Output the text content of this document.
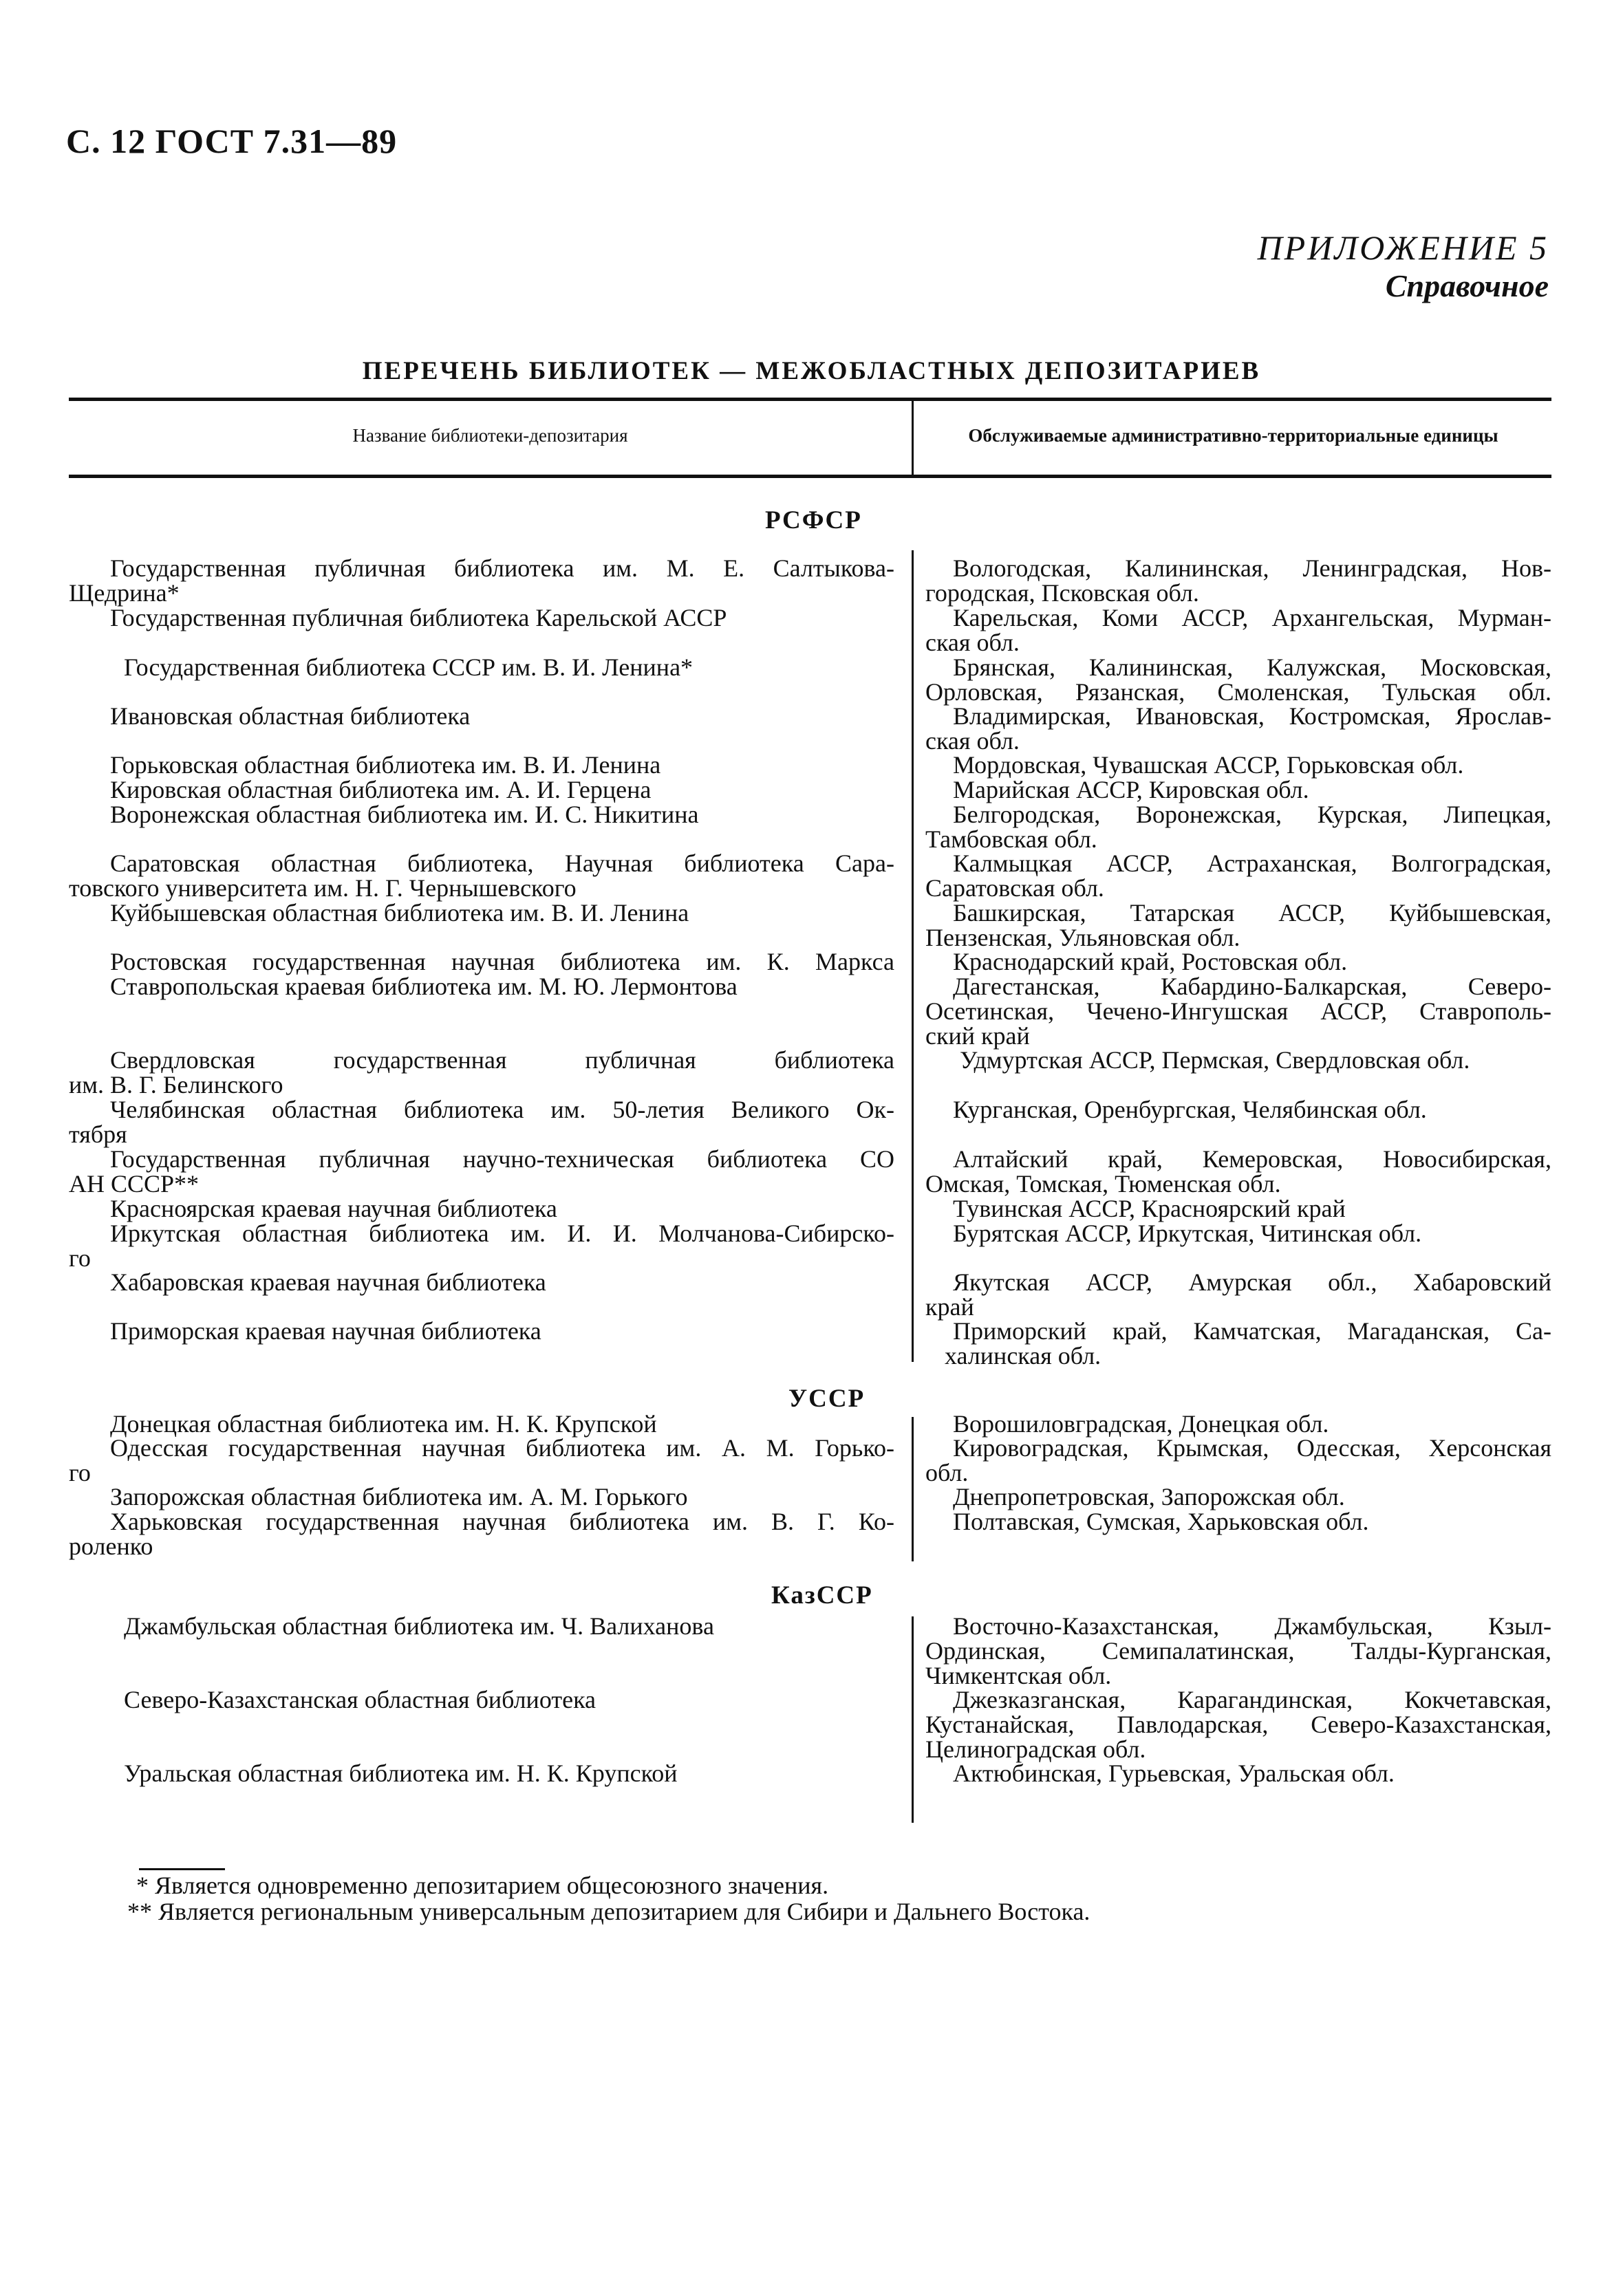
С. 12 ГОСТ 7.31—89
ПРИЛОЖЕНИЕ 5
Справочное
ПЕРЕЧЕНЬ БИБЛИОТЕК — МЕЖОБЛАСТНЫХ ДЕПОЗИТАРИЕВ
Название библиотеки-депозитария	Обслуживаемые административно-территориальные единицы
РСФСР
УССР
КазССР
Государственная публичная библиотека им. М. Е. Салтыкова-
Щедрина*
Государственная публичная библиотека Карельской АССР
Государственная библиотека СССР им. В. И. Ленина*
Ивановская областная библиотека
Горьковская областная библиотека им. В. И. Ленина
Кировская областная библиотека им. А. И. Герцена
Воронежская областная библиотека им. И. С. Никитина
Саратовская областная библиотека, Научная библиотека Сара-
товского университета им. Н. Г. Чернышевского
Куйбышевская областная библиотека им. В. И. Ленина
Ростовская государственная научная библиотека им. К. Маркса
Ставропольская краевая библиотека им. М. Ю. Лермонтова
Свердловская государственная публичная библиотека
им. В. Г. Белинского
Челябинская областная библиотека им. 50-летия Великого Ок-
тября
Государственная публичная научно-техническая библиотека СО
АН СССР**
Красноярская краевая научная библиотека
Иркутская областная библиотека им. И. И. Молчанова-Сибирско-
го
Хабаровская краевая научная библиотека
Приморская краевая научная библиотека
Донецкая областная библиотека им. Н. К. Крупской
Одесская государственная научная библиотека им. А. М. Горько-
го
Запорожская областная библиотека им. А. М. Горького
Харьковская государственная научная библиотека им. В. Г. Ко-
роленко
Джамбульская областная библиотека им. Ч. Валиханова
Северо-Казахстанская областная библиотека
Уральская областная библиотека им. Н. К. Крупской
Вологодская, Калининская, Ленинградская, Нов-
городская, Псковская обл.
Карельская, Коми АССР, Архангельская, Мурман-
ская обл.
Брянская, Калининская, Калужская, Московская,
Орловская, Рязанская, Смоленская, Тульская обл.
Владимирская, Ивановская, Костромская, Ярослав-
ская обл.
Мордовская, Чувашская АССР, Горьковская обл.
Марийская АССР, Кировская обл.
Белгородская, Воронежская, Курская, Липецкая,
Тамбовская обл.
Калмыцкая АССР, Астраханская, Волгоградская,
Саратовская обл.
Башкирская, Татарская АССР, Куйбышевская,
Пензенская, Ульяновская обл.
Краснодарский край, Ростовская обл.
Дагестанская, Кабардино-Балкарская, Северо-
Осетинская, Чечено-Ингушская АССР, Ставрополь-
ский край
Удмуртская АССР, Пермская, Свердловская обл.
Курганская, Оренбургская, Челябинская обл.
Алтайский край, Кемеровская, Новосибирская,
Омская, Томская, Тюменская обл.
Тувинская АССР, Красноярский край
Бурятская АССР, Иркутская, Читинская обл.
Якутская АССР, Амурская обл., Хабаровский
край
Приморский край, Камчатская, Магаданская, Са-
халинская обл.
Ворошиловградская, Донецкая обл.
Кировоградская, Крымская, Одесская, Херсонская
обл.
Днепропетровская, Запорожская обл.
Полтавская, Сумская, Харьковская обл.
Восточно-Казахстанская, Джамбульская, Кзыл-
Ординская, Семипалатинская, Талды-Курганская,
Чимкентская обл.
Джезказганская, Карагандинская, Кокчетавская,
Кустанайская, Павлодарская, Северо-Казахстанская,
Целиноградская обл.
Актюбинская, Гурьевская, Уральская обл.
* Является одновременно депозитарием общесоюзного значения.
** Является региональным универсальным депозитарием для Сибири и Дальнего Востока.
